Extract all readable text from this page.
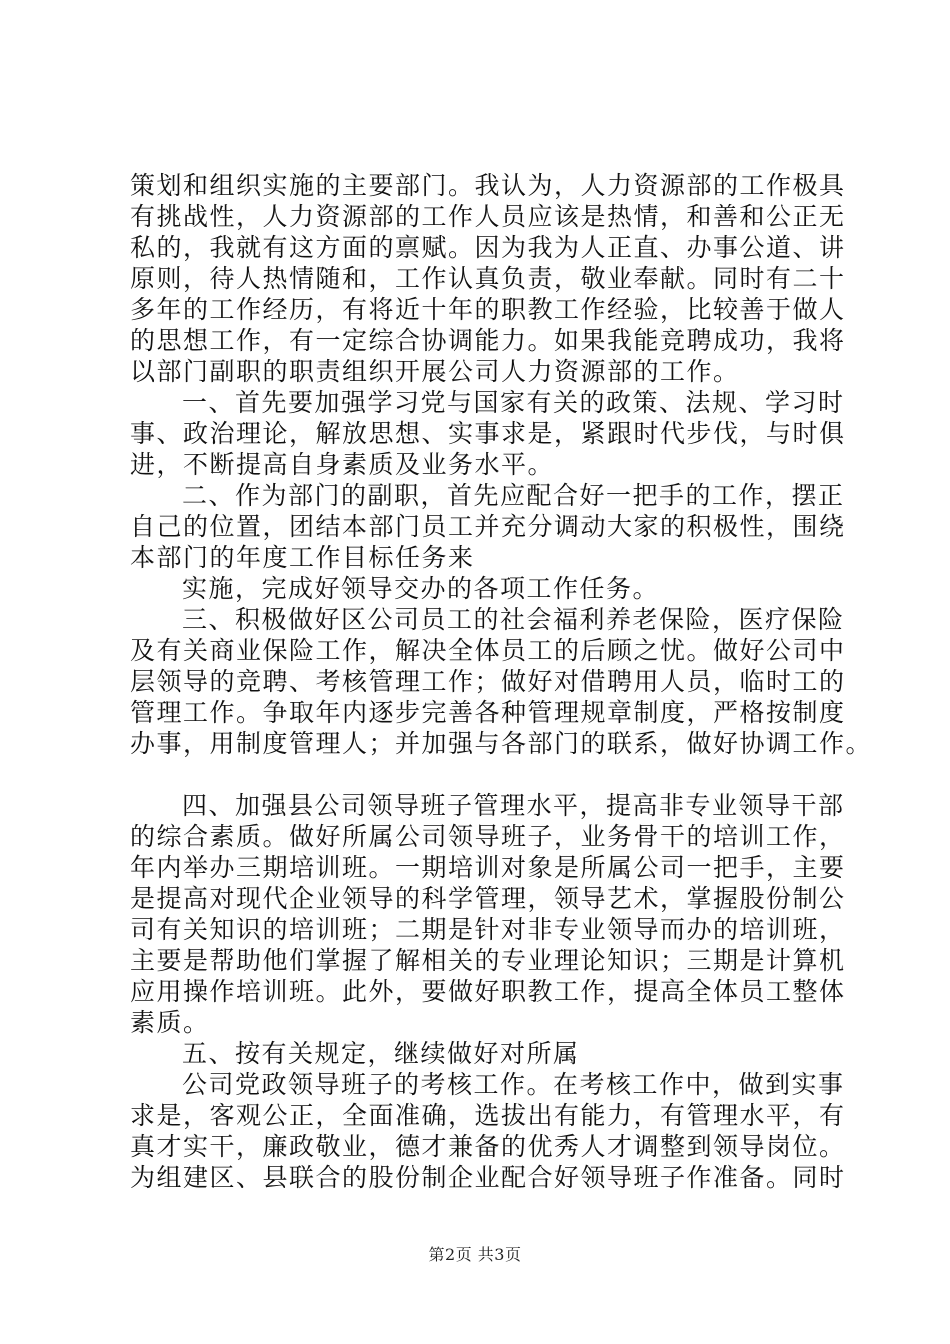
策划和组织实施的主要部门。我认为，人力资源部的工作极具
有挑战性，人力资源部的工作人员应该是热情，和善和公正无
私的，我就有这方面的禀赋。因为我为人正直、办事公道、讲
原则，待人热情随和，工作认真负责，敬业奉献。同时有二十
多年的工作经历，有将近十年的职教工作经验，比较善于做人
的思想工作，有一定综合协调能力。如果我能竞聘成功，我将
以部门副职的职责组织开展公司人力资源部的工作。
一、首先要加强学习党与国家有关的政策、法规、学习时
事、政治理论，解放思想、实事求是，紧跟时代步伐，与时俱
进，不断提高自身素质及业务水平。
二、作为部门的副职，首先应配合好一把手的工作，摆正
自己的位置，团结本部门员工并充分调动大家的积极性，围绕
本部门的年度工作目标任务来
实施，完成好领导交办的各项工作任务。
三、积极做好区公司员工的社会福利养老保险，医疗保险
及有关商业保险工作，解决全体员工的后顾之忧。做好公司中
层领导的竞聘、考核管理工作；做好对借聘用人员，临时工的
管理工作。争取年内逐步完善各种管理规章制度，严格按制度
办事，用制度管理人；并加强与各部门的联系，做好协调工作。
四、加强县公司领导班子管理水平，提高非专业领导干部
的综合素质。做好所属公司领导班子，业务骨干的培训工作，
年内举办三期培训班。一期培训对象是所属公司一把手，主要
是提高对现代企业领导的科学管理，领导艺术，掌握股份制公
司有关知识的培训班；二期是针对非专业领导而办的培训班，
主要是帮助他们掌握了解相关的专业理论知识；三期是计算机
应用操作培训班。此外，要做好职教工作，提高全体员工整体
素质。
五、按有关规定，继续做好对所属
公司党政领导班子的考核工作。在考核工作中，做到实事
求是，客观公正，全面准确，选拔出有能力，有管理水平，有
真才实干，廉政敬业，德才兼备的优秀人才调整到领导岗位。
为组建区、县联合的股份制企业配合好领导班子作准备。同时
第2页 共3页
